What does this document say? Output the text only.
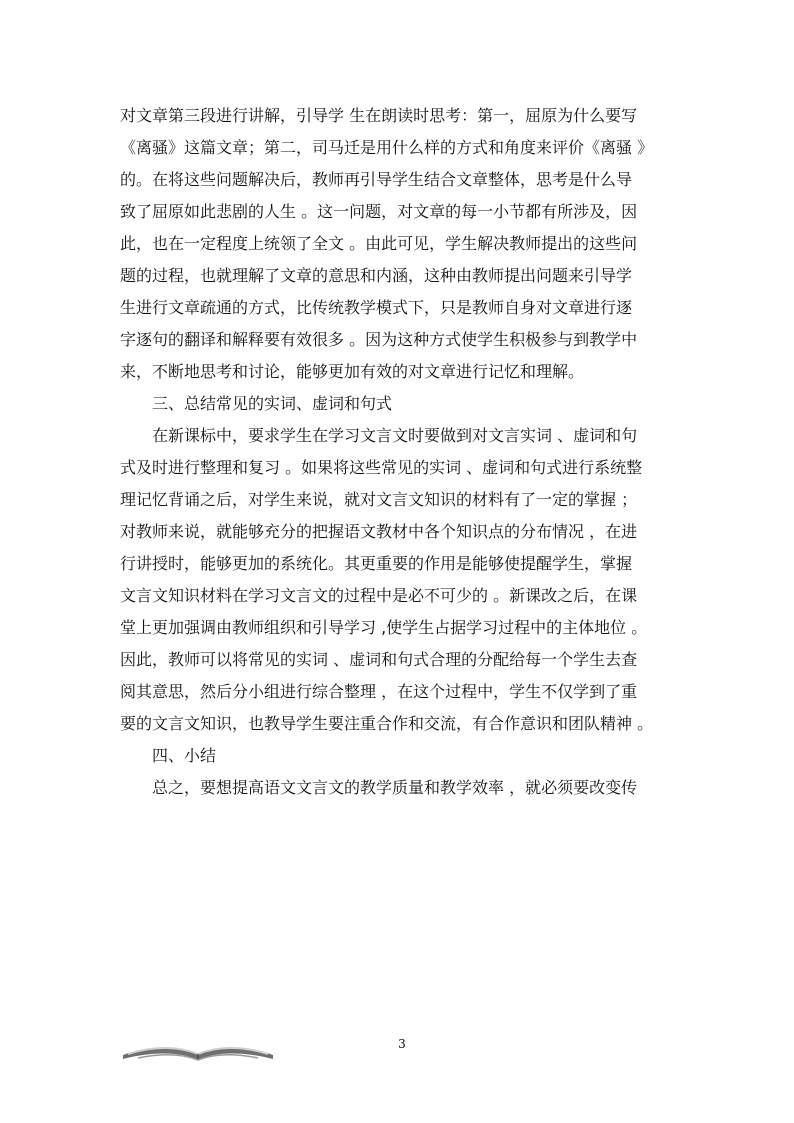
对文章第三段进行讲解，引导学 生在朗读时思考：第一，屈原为什么要写
《离骚》这篇文章；第二，司马迁是用什么样的方式和角度来评价《离骚 》
的。在将这些问题解决后，教师再引导学生结合文章整体，思考是什么导
致了屈原如此悲剧的人生 。这一问题，对文章的每一小节都有所涉及，因
此，也在一定程度上统领了全文 。由此可见，学生解决教师提出的这些问
题的过程，也就理解了文章的意思和内涵，这种由教师提出问题来引导学
生进行文章疏通的方式，比传统教学模式下，只是教师自身对文章进行逐
字逐句的翻译和解释要有效很多 。因为这种方式使学生积极参与到教学中
来，不断地思考和讨论，能够更加有效的对文章进行记忆和理解。
三、总结常见的实词、虚词和句式
在新课标中，要求学生在学习文言文时要做到对文言实词 、虚词和句
式及时进行整理和复习 。如果将这些常见的实词 、虚词和句式进行系统整
理记忆背诵之后，对学生来说，就对文言文知识的材料有了一定的掌握 ；
对教师来说，就能够充分的把握语文教材中各个知识点的分布情况 ，在进
行讲授时，能够更加的系统化。其更重要的作用是能够使提醒学生，掌握
文言文知识材料在学习文言文的过程中是必不可少的 。新课改之后，在课
堂上更加强调由教师组织和引导学习 ,使学生占据学习过程中的主体地位 。
因此，教师可以将常见的实词 、虚词和句式合理的分配给每一个学生去查
阅其意思，然后分小组进行综合整理 ，在这个过程中，学生不仅学到了重
要的文言文知识，也教导学生要注重合作和交流，有合作意识和团队精神 。
四、小结
总之，要想提高语文文言文的教学质量和教学效率 ，就必须要改变传
3
